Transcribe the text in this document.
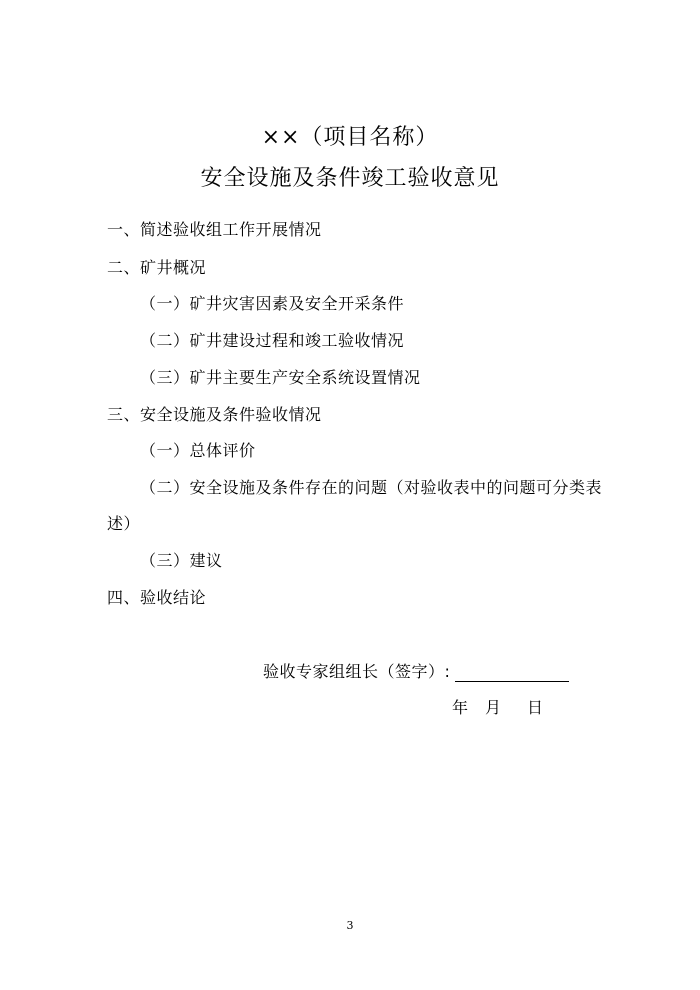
××（项目名称）
安全设施及条件竣工验收意见
一、简述验收组工作开展情况
二、矿井概况
（一）矿井灾害因素及安全开采条件
（二）矿井建设过程和竣工验收情况
（三）矿井主要生产安全系统设置情况
三、安全设施及条件验收情况
（一）总体评价
（二）安全设施及条件存在的问题（对验收表中的问题可分类表
述）
（三）建议
四、验收结论
验收专家组组长（签字）:
年 月 日
3
